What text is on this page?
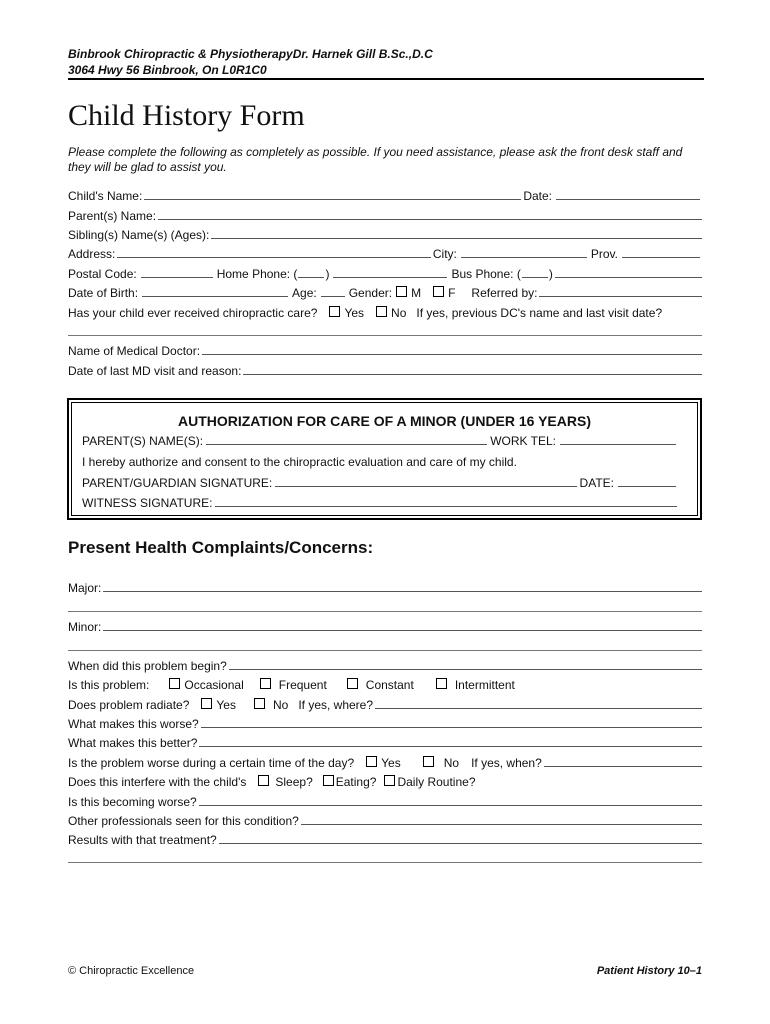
Binbrook Chiropractic & PhysiotherapyDr. Harnek Gill B.Sc.,D.C
3064 Hwy 56 Binbrook, On L0R1C0
Child History Form
Please complete the following as completely as possible. If you need assistance, please ask the front desk staff and they will be glad to assist you.
Child's Name:	Date:
Parent(s) Name:
Sibling(s) Name(s) (Ages):
Address:	City:	Prov.
Postal Code:	Home Phone: ( )	Bus Phone: ( )
Date of Birth:	Age:	Gender: M F Referred by:
Has your child ever received chiropractic care? Yes No If yes, previous DC's name and last visit date?
Name of Medical Doctor:
Date of last MD visit and reason:
AUTHORIZATION FOR CARE OF A MINOR (UNDER 16 YEARS)
PARENT(S) NAME(S):	WORK TEL:
I hereby authorize and consent to the chiropractic evaluation and care of my child.
PARENT/GUARDIAN SIGNATURE:	DATE:
WITNESS SIGNATURE:
Present Health Complaints/Concerns:
Major:
Minor:
When did this problem begin?
Is this problem:	Occasional	Frequent	Constant	Intermittent
Does problem radiate? Yes	No If yes, where?
What makes this worse?
What makes this better?
Is the problem worse during a certain time of the day? Yes	No If yes, when?
Does this interfere with the child's Sleep? Eating? Daily Routine?
Is this becoming worse?
Other professionals seen for this condition?
Results with that treatment?
© Chiropractic Excellence	Patient History 10–1
